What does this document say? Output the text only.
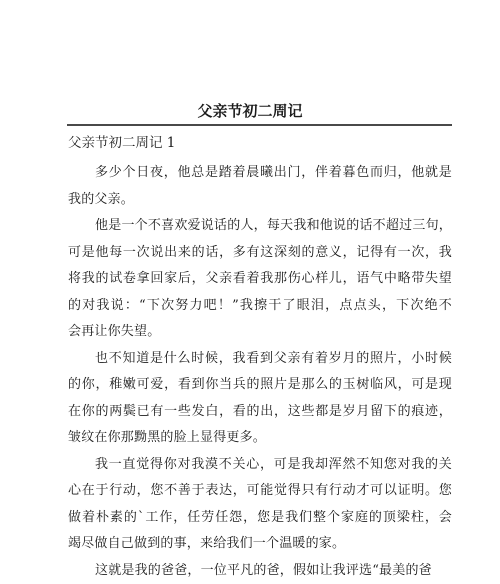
父亲节初二周记
父亲节初二周记 1
多少个日夜，他总是踏着晨曦出门，伴着暮色而归，他就是
我的父亲。
他是一个不喜欢爱说话的人，每天我和他说的话不超过三句，
可是他每一次说出来的话，多有这深刻的意义，记得有一次，我
将我的试卷拿回家后，父亲看着我那伤心样儿，语气中略带失望
的对我说：“下次努力吧！”我擦干了眼泪，点点头，下次绝不
会再让你失望。
也不知道是什么时候，我看到父亲有着岁月的照片，小时候
的你，稚嫩可爱，看到你当兵的照片是那么的玉树临风，可是现
在你的两鬓已有一些发白，看的出，这些都是岁月留下的痕迹，
皱纹在你那黝黑的脸上显得更多。
我一直觉得你对我漠不关心，可是我却浑然不知您对我的关
心在于行动，您不善于表达，可能觉得只有行动才可以证明。您
做着朴素的`工作，任劳任怨，您是我们整个家庭的顶梁柱，会
竭尽做自己做到的事，来给我们一个温暖的家。
这就是我的爸爸，一位平凡的爸，假如让我评选“最美的爸
